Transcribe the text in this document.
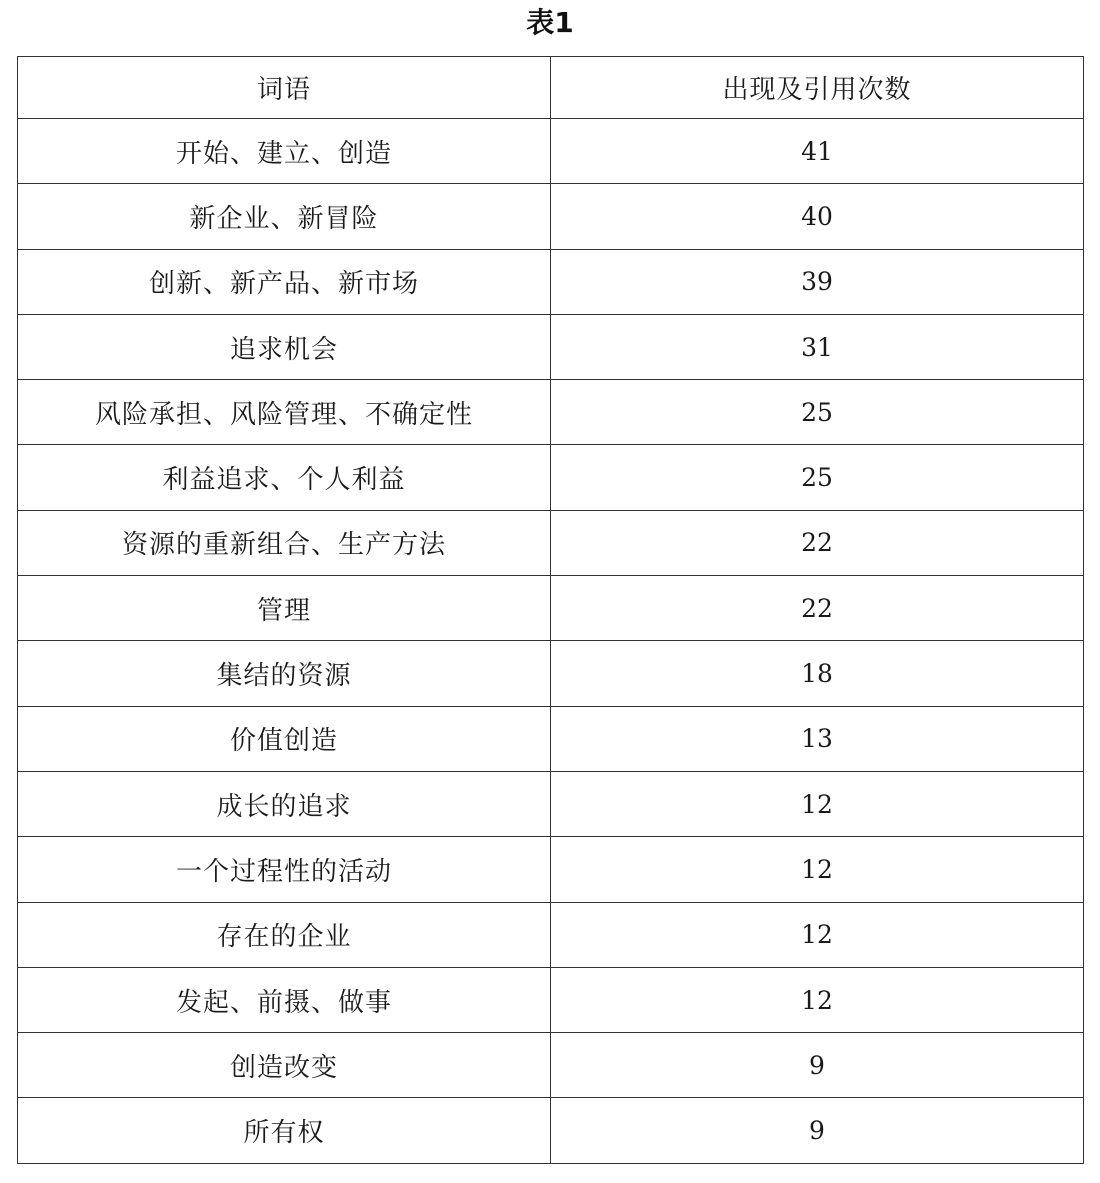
表1
词语	出现及引用次数
开始、建立、创造	41
新企业、新冒险	40
创新、新产品、新市场	39
追求机会	31
风险承担、风险管理、不确定性	25
利益追求、个人利益	25
资源的重新组合、生产方法	22
管理	22
集结的资源	18
价值创造	13
成长的追求	12
一个过程性的活动	12
存在的企业	12
发起、前摄、做事	12
创造改变	9
所有权	9
